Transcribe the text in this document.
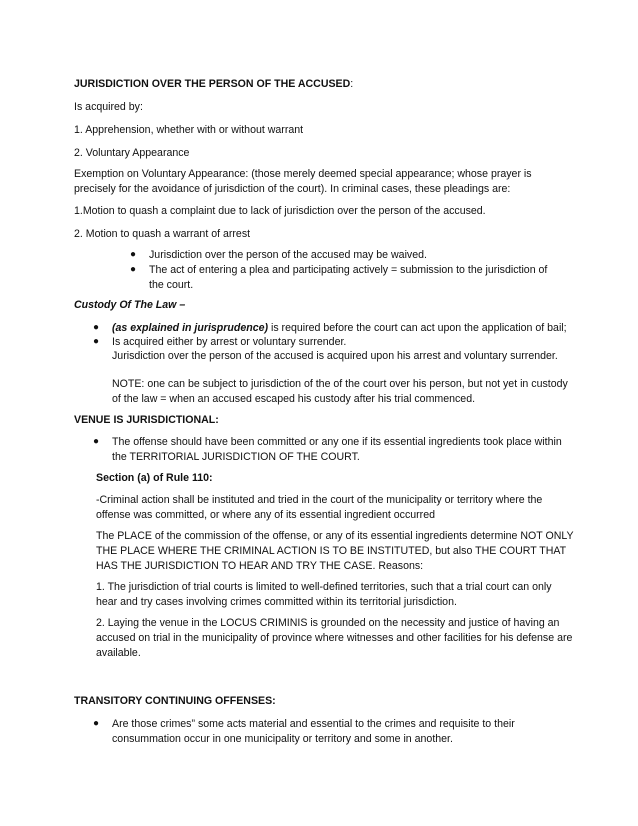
JURISDICTION OVER THE PERSON OF THE ACCUSED:

Is acquired by:

1. Apprehension, whether with or without warrant

2. Voluntary Appearance

Exemption on Voluntary Appearance: (those merely deemed special appearance; whose prayer is precisely for the avoidance of jurisdiction of the court). In criminal cases, these pleadings are:

1.Motion to quash a complaint due to lack of jurisdiction over the person of the accused.

2. Motion to quash a warrant of arrest

● Jurisdiction over the person of the accused may be waived.
● The act of entering a plea and participating actively = submission to the jurisdiction of the court.

Custody Of The Law –

● (as explained in jurisprudence) is required before the court can act upon the application of bail;
● Is acquired either by arrest or voluntary surrender.

Jurisdiction over the person of the accused is acquired upon his arrest and voluntary surrender.

NOTE: one can be subject to jurisdiction of the of the court over his person, but not yet in custody of the law = when an accused escaped his custody after his trial commenced.

VENUE IS JURISDICTIONAL:

● The offense should have been committed or any one if its essential ingredients took place within the TERRITORIAL JURISDICTION OF THE COURT.

Section (a) of Rule 110:

-Criminal action shall be instituted and tried in the court of the municipality or territory where the offense was committed, or where any of its essential ingredient occurred

The PLACE of the commission of the offense, or any of its essential ingredients determine NOT ONLY THE PLACE WHERE THE CRIMINAL ACTION IS TO BE INSTITUTED, but also THE COURT THAT HAS THE JURISDICTION TO HEAR AND TRY THE CASE. Reasons:

1. The jurisdiction of trial courts is limited to well-defined territories, such that a trial court can only hear and try cases involving crimes committed within its territorial jurisdiction.

2. Laying the venue in the LOCUS CRIMINIS is grounded on the necessity and justice of having an accused on trial in the municipality of province where witnesses and other facilities for his defense are available.

TRANSITORY CONTINUING OFFENSES:

● Are those crimes” some acts material and essential to the crimes and requisite to their consummation occur in one municipality or territory and some in another.
